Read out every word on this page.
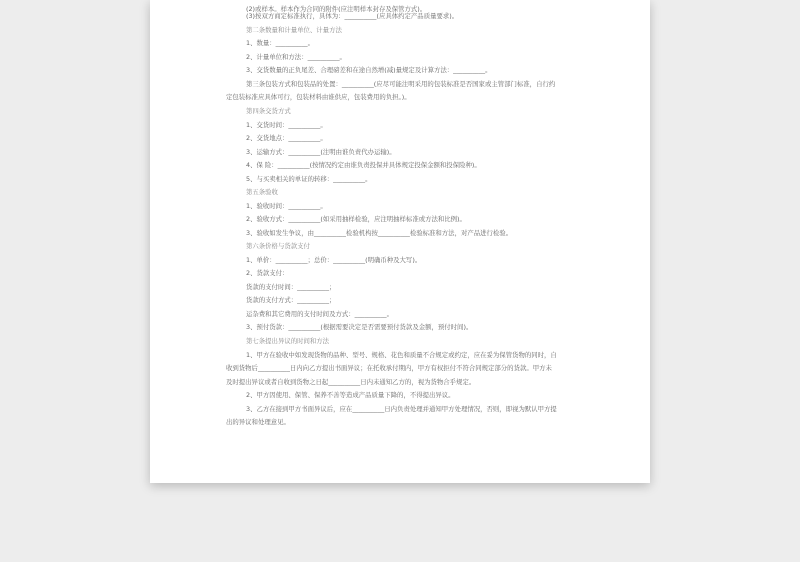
(2)或样本。样本作为合同的附件(应注明样本封存及保管方式)。
(3)按双方商定标准执行，具体为：__________(应具体约定产品质量要求)。
第二条数量和计量单位、计量方法
1、数量：__________。
2、计量单位和方法：__________。
3、交货数量的正负尾差、合理磅差和在途自然增(减)量规定及计算方法：__________。
第三条包装方式和包装品的处置：__________(应尽可能注明采用的包装标准是否国家或主管部门标准，自行约
定包装标准应具体可行，包装材料由谁供应，包装费用的负担。)。
第四条交货方式
1、交货时间：__________。
2、交货地点：__________。
3、运输方式：__________(注明由谁负责代办运输)。
4、保 险：__________(按情况约定由谁负责投保并具体规定投保金额和投保险种)。
5、与买卖相关的单证的转移：__________。
第五条验收
1、验收时间：__________。
2、验收方式：__________(如采用抽样检验，应注明抽样标准或方法和比例)。
3、验收如发生争议，由__________检验机构按__________检验标准和方法，对产品进行检验。
第六条价格与货款支付
1、单价：__________；总价：__________(明确币种及大写)。
2、货款支付：
货款的支付时间：__________；
货款的支付方式：__________；
运杂费和其它费用的支付时间及方式：__________。
3、预付货款：__________(根据需要决定是否需要预付货款及金额，预付时间)。
第七条提出异议的时间和方法
1、甲方在验收中如发现货物的品种、型号、规格、花色和质量不合规定或约定，应在妥为保管货物的同时，自
收到货物后__________日内向乙方提出书面异议；在托收承付期内，甲方有权拒付不符合同规定部分的货款。甲方未
及时提出异议或者自收到货物之日起__________日内未通知乙方的，视为货物合乎规定。
2、甲方因使用、保管、保养不善等造成产品质量下降的，不得提出异议。
3、乙方在接到甲方书面异议后，应在__________日内负责处理并通知甲方处理情况，否则，即视为默认甲方提
出的异议和处理意见。
